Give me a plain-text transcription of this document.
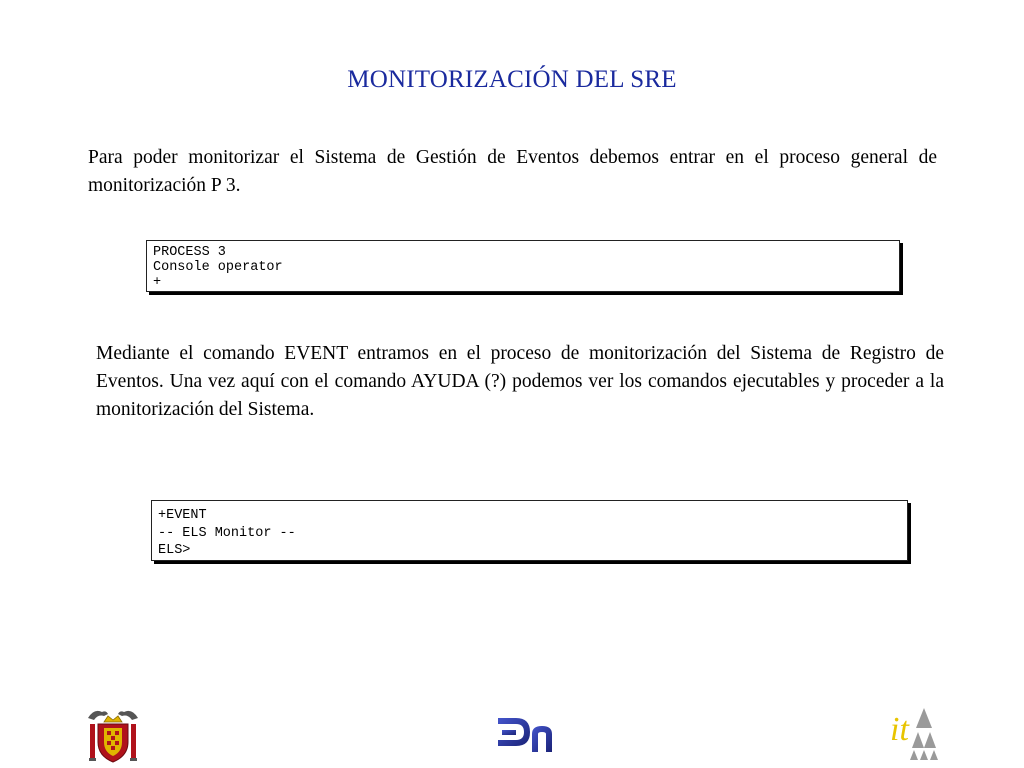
MONITORIZACIÓN DEL SRE
Para poder monitorizar el Sistema de Gestión de Eventos debemos entrar en el proceso general de monitorización P 3.
PROCESS 3
Console operator
+
Mediante el comando EVENT entramos en el proceso de monitorización del Sistema de Registro de Eventos. Una vez aquí con el comando AYUDA (?) podemos ver los comandos ejecutables y proceder a la monitorización del Sistema.
+EVENT
-- ELS Monitor --
ELS>
it
